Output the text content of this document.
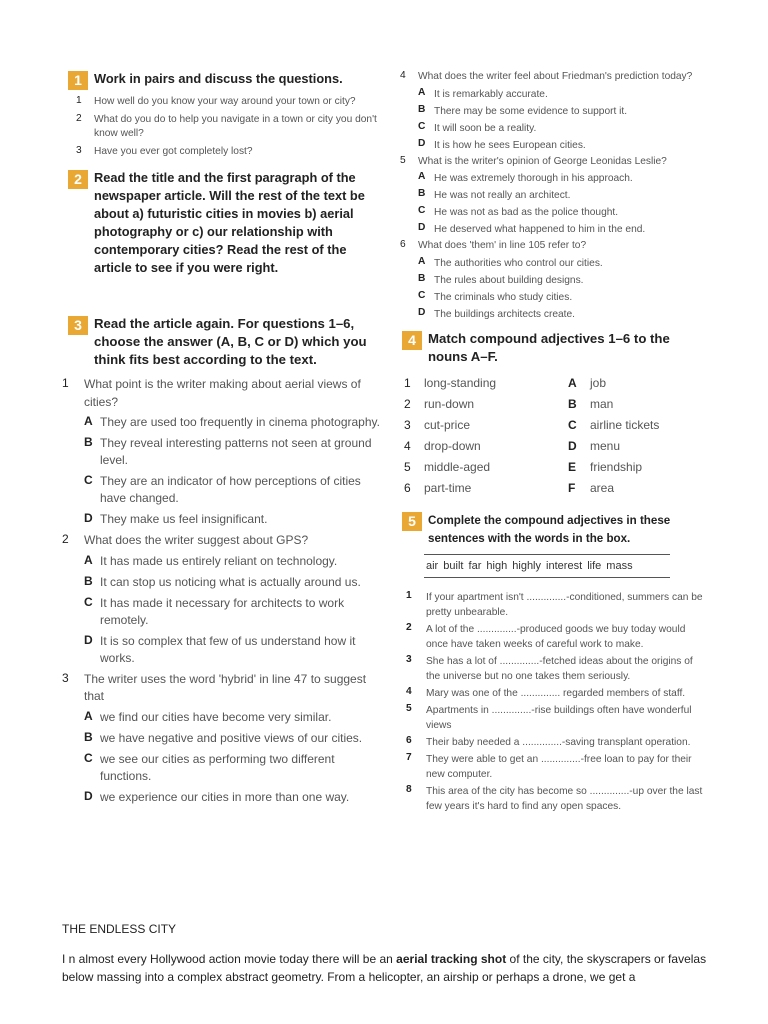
1 Work in pairs and discuss the questions.
1 How well do you know your way around your town or city?
2 What do you do to help you navigate in a town or city you don't know well?
3 Have you ever got completely lost?
2 Read the title and the first paragraph of the newspaper article. Will the rest of the text be about a) futuristic cities in movies b) aerial photography or c) our relationship with contemporary cities? Read the rest of the article to see if you were right.
3 Read the article again. For questions 1–6, choose the answer (A, B, C or D) which you think fits best according to the text.
1 What point is the writer making about aerial views of cities?
A They are used too frequently in cinema photography.
B They reveal interesting patterns not seen at ground level.
C They are an indicator of how perceptions of cities have changed.
D They make us feel insignificant.
2 What does the writer suggest about GPS?
A It has made us entirely reliant on technology.
B It can stop us noticing what is actually around us.
C It has made it necessary for architects to work remotely.
D It is so complex that few of us understand how it works.
3 The writer uses the word 'hybrid' in line 47 to suggest that
A we find our cities have become very similar.
B we have negative and positive views of our cities.
C we see our cities as performing two different functions.
D we experience our cities in more than one way.
4 What does the writer feel about Friedman's prediction today?
A It is remarkably accurate.
B There may be some evidence to support it.
C It will soon be a reality.
D It is how he sees European cities.
5 What is the writer's opinion of George Leonidas Leslie?
A He was extremely thorough in his approach.
B He was not really an architect.
C He was not as bad as the police thought.
D He deserved what happened to him in the end.
6 What does 'them' in line 105 refer to?
A The authorities who control our cities.
B The rules about building designs.
C The criminals who study cities.
D The buildings architects create.
4 Match compound adjectives 1–6 to the nouns A–F.
1	long-standing	A	job
2	run-down	B	man
3	cut-price	C	airline tickets
4	drop-down	D	menu
5	middle-aged	E	friendship
6	part-time	F	area
5	Complete the compound adjectives in these sentences with the words in the box.
air built far high highly interest life mass
1 If your apartment isn't ..............-conditioned, summers can be pretty unbearable.
2 A lot of the ..............-produced goods we buy today would once have taken weeks of careful work to make.
3 She has a lot of ..............-fetched ideas about the origins of the universe but no one takes them seriously.
4 Mary was one of the .............. regarded members of staff.
5 Apartments in ..............-rise buildings often have wonderful views
6 Their baby needed a ..............-saving transplant operation.
7 They were able to get an ..............-free loan to pay for their new computer.
8 This area of the city has become so ..............-up over the last few years it's hard to find any open spaces.
THE ENDLESS CITY

I n almost every Hollywood action movie today there will be an aerial tracking shot of the city, the skyscrapers or favelas below massing into a complex abstract geometry. From a helicopter, an airship or perhaps a drone, we get a
